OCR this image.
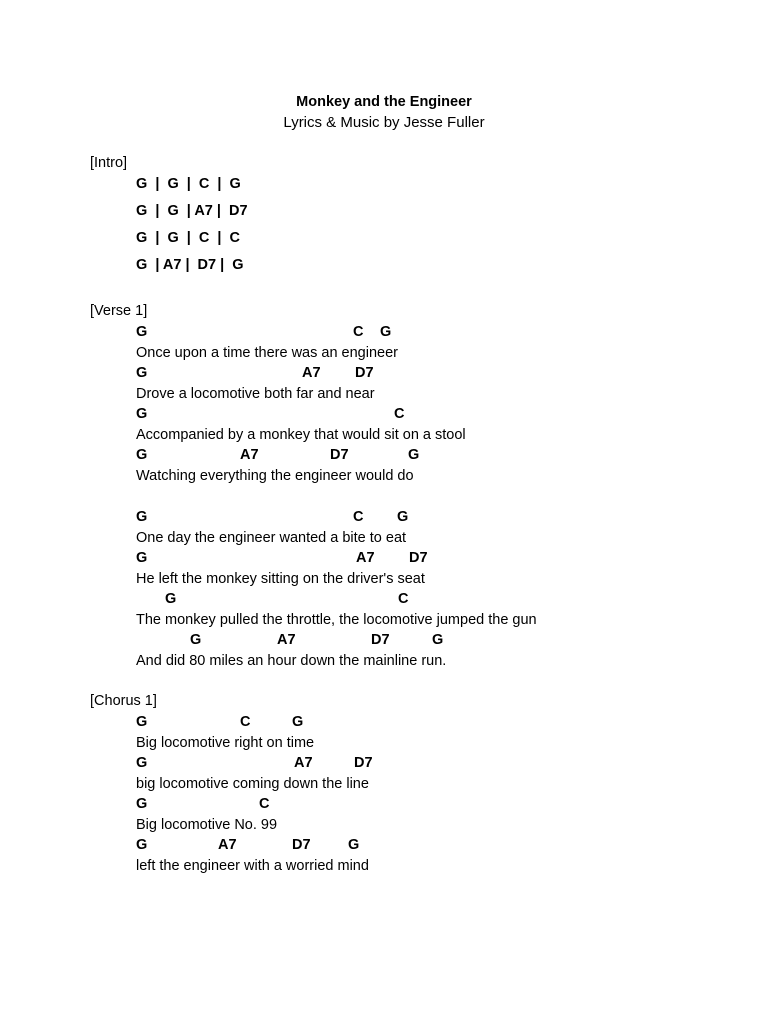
Monkey and the Engineer
Lyrics & Music by Jesse Fuller
[Intro]
G  |  G  |  C  |  G
G  |  G  | A7 |  D7
G  |  G  |  C  |  C
G  | A7 |  D7 |  G
[Verse 1]
G	C G
Once upon a time there was an engineer
G	A7 D7
Drove a locomotive both far and near
G	C
Accompanied by a monkey that would sit on a stool
G	A7	D7	G
Watching everything the engineer would do
G	C G
One day the engineer wanted a bite to eat
G	A7 D7
He left the monkey sitting on the driver's seat
G	C
The monkey pulled the throttle, the locomotive jumped the gun
G	A7	D7	G
And did 80 miles an hour down the mainline run.
[Chorus 1]
G	C	G
Big locomotive right on time
G	A7	D7
big locomotive coming down the line
G	C
Big locomotive No. 99
G	A7	D7	G
left the engineer with a worried mind
